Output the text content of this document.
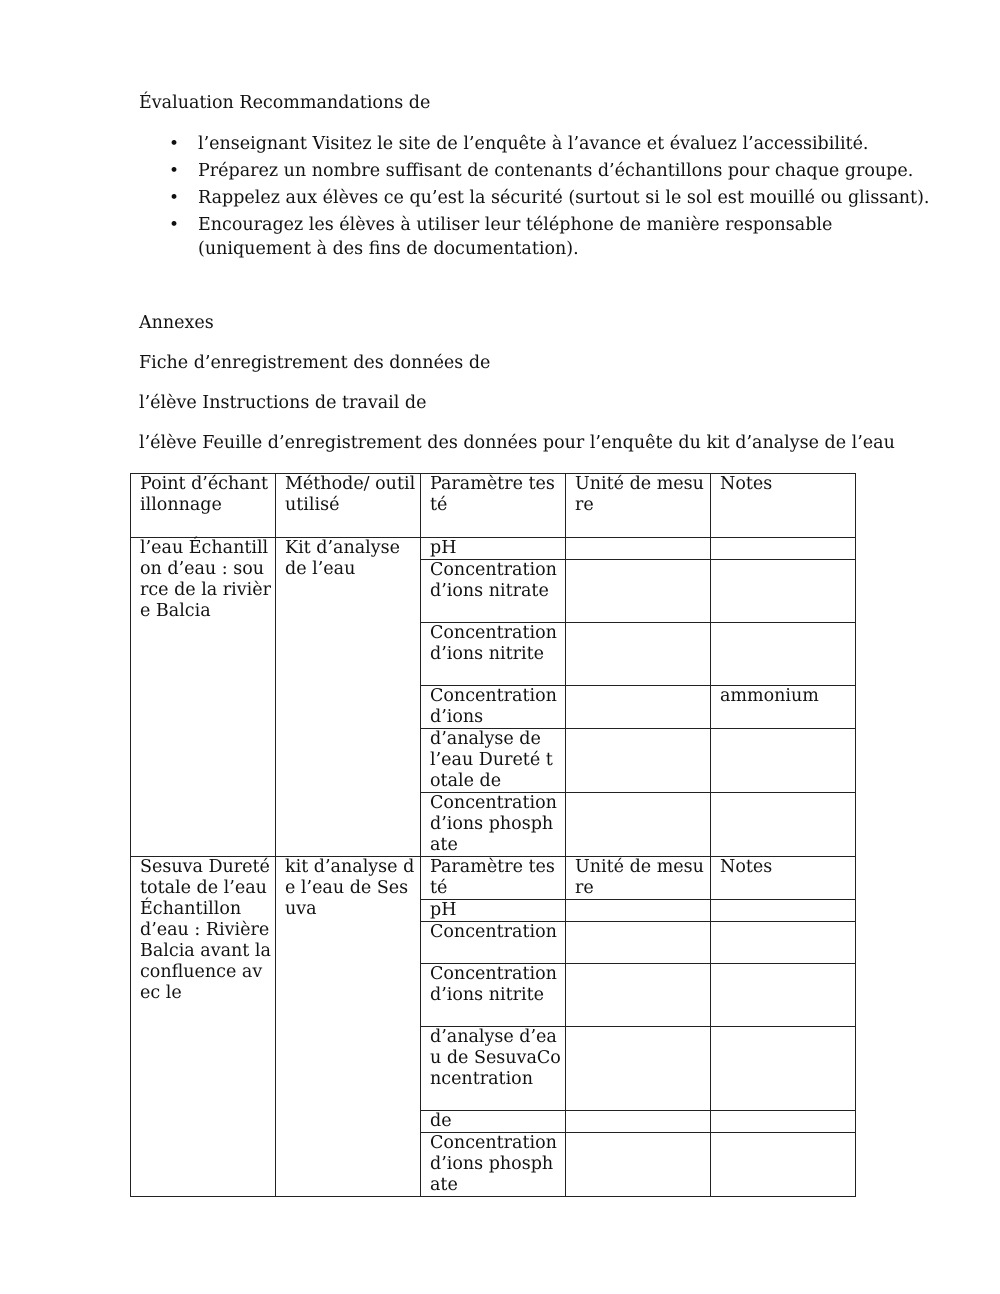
Évaluation Recommandations de
• l’enseignant Visitez le site de l’enquête à l’avance et évaluez l’accessibilité.
• Préparez un nombre suffisant de contenants d’échantillons pour chaque groupe.
• Rappelez aux élèves ce qu’est la sécurité (surtout si le sol est mouillé ou glissant).
• Encouragez les élèves à utiliser leur téléphone de manière responsable (uniquement à des fins de documentation).
Annexes
Fiche d’enregistrement des données de
l’élève Instructions de travail de
l’élève Feuille d’enregistrement des données pour l’enquête du kit d’analyse de l’eau
Point d’échantillonnage	Méthode/ outil utilisé	Paramètre testé	Unité de mesure	Notes
l’eau Échantillon d’eau : source de la rivière Balcia	Kit d’analyse de l’eau	pH		
		Concentration d’ions nitrate		
		Concentration d’ions nitrite		
		Concentration d’ions		ammonium
		d’analyse de l’eau Dureté totale de		
		Concentration d’ions phosphate		
Sesuva Dureté totale de l’eau Échantillon d’eau : Rivière Balcia avant la confluence avec le	kit d’analyse de l’eau de Sesuva	Paramètre testé	Unité de mesure	Notes
		pH		
		Concentration		
		Concentration d’ions nitrite		
		d’analyse d’eau de SesuvaConcentration		
		de		
		Concentration d’ions phosphate		
